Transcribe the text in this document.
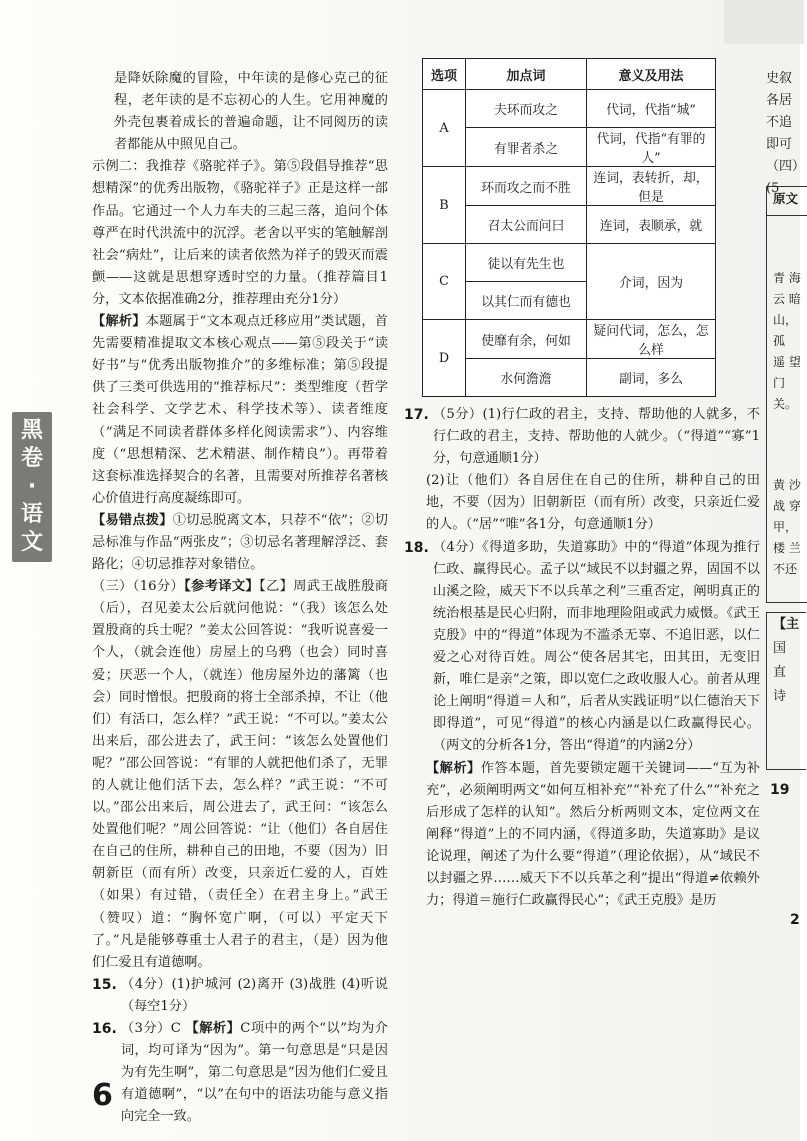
是降妖除魔的冒险，中年读的是修心克己的征程，老年读的是不忘初心的人生。它用神魔的外壳包裹着成长的普遍命题，让不同阅历的读者都能从中照见自己。

示例二：我推荐《骆驼祥子》。第⑤段倡导推荐“思想精深”的优秀出版物，《骆驼祥子》正是这样一部作品。它通过一个人力车夫的三起三落，追问个体尊严在时代洪流中的沉浮。老舍以平实的笔触解剖社会“病灶”，让后来的读者依然为祥子的毁灭而震颤——这就是思想穿透时空的力量。（推荐篇目1分，文本依据准确2分，推荐理由充分1分）

【解析】本题属于“文本观点迁移应用”类试题，首先需要精准提取文本核心观点——第⑤段关于“读好书”与“优秀出版物推介”的多维标准；第⑤段提供了三类可供选用的“推荐标尺”：类型维度（哲学社会科学、文学艺术、科学技术等）、读者维度（“满足不同读者群体多样化阅读需求”）、内容维度（“思想精深、艺术精湛、制作精良”）。再带着这套标准选择契合的名著，且需要对所推荐名著核心价值进行高度凝练即可。

【易错点拨】①切忌脱离文本，只荐不“依”；②切忌标准与作品“两张皮”；③切忌名著理解浮泛、套路化；④切忌推荐对象错位。

（三）（16分）【参考译文】【乙】周武王战胜殷商（后），召见姜太公后就问他说：“（我）该怎么处置殷商的兵士呢？”姜太公回答说：“我听说喜爱一个人，（就会连他）房屋上的乌鸦（也会）同时喜爱；厌恶一个人，（就连）他房屋外边的藩篱（也会）同时憎恨。把殷商的将士全部杀掉，不让（他们）有活口，怎么样？”武王说：“不可以。”姜太公出来后，邵公进去了，武王问：“该怎么处置他们呢？”邵公回答说：“有罪的人就把他们杀了，无罪的人就让他们活下去，怎么样？”武王说：“不可以。”邵公出来后，周公进去了，武王问：“该怎么处置他们呢？”周公回答说：“让（他们）各自居住在自己的住所，耕种自己的田地，不要（因为）旧朝新臣（而有所）改变，只亲近仁爱的人，百姓（如果）有过错，（责任全）在君主身上。”武王（赞叹）道：“胸怀宽广啊，（可以）平定天下了。”凡是能够尊重士人君子的君主，（是）因为他们仁爱且有道德啊。

15. （4分）(1)护城河 (2)离开 (3)战胜 (4)听说（每空1分）
16. （3分）C 【解析】C项中的两个“以”均为介词，均可译为“因为”。第一句意思是“只是因为有先生啊”，第二句意思是“因为他们仁爱且有道德啊”，“以”在句中的语法功能与意义指向完全一致。
黑
卷
·
语
文
6
选项	加点词	意义及用法
A	夫环而攻之	代词，代指“城”
	有罪者杀之	代词，代指“有罪的人”
B	环而攻之而不胜	连词，表转折，却，但是
	召太公而问曰	连词，表顺承，就
C	徒以有先生也	介词，因为
	以其仁而有德也	
D	使靡有余，何如	疑问代词，怎么，怎么样
	水何澹澹	副词，多么
17. （5分）(1)行仁政的君主，支持、帮助他的人就多，不行仁政的君主，支持、帮助他的人就少。（“得道”“寡”1分，句意通顺1分）

(2)让（他们）各自居住在自己的住所，耕种自己的田地，不要（因为）旧朝新臣（而有所）改变，只亲近仁爱的人。（“居”“唯”各1分，句意通顺1分）

18. （4分）《得道多助，失道寡助》中的“得道”体现为推行仁政、赢得民心。孟子以“域民不以封疆之界，固国不以山溪之险，威天下不以兵革之利”三重否定，阐明真正的统治根基是民心归附，而非地理险阻或武力威慑。《武王克殷》中的“得道”体现为不滥杀无辜、不追旧恶，以仁爱之心对待百姓。周公“使各居其宅，田其田，无变旧新，唯仁是亲”之策，即以宽仁之政收服人心。前者从理论上阐明“得道＝人和”，后者从实践证明“以仁德治天下即得道”，可见“得道”的核心内涵是以仁政赢得民心。（两文的分析各1分，答出“得道”的内涵2分）

【解析】作答本题，首先要锁定题干关键词——“互为补充”，必须阐明两文“如何互相补充”“补充了什么”“补充之后形成了怎样的认知”。然后分析两则文本，定位两文在阐释“得道”上的不同内涵，《得道多助，失道寡助》是议论说理，阐述了为什么要“得道”（理论依据），从“域民不以封疆之界……威天下不以兵革之利”提出“得道≠依赖外力；得道＝施行仁政赢得民心”；《武王克殷》是历

史叙
各居
不追
即可
（四）(5
原文
青 海
云 暗
山，孤
遥 望
门关。
黄 沙
战 穿
甲，
楼 兰
不还
【主
国
直
诗
19
2
